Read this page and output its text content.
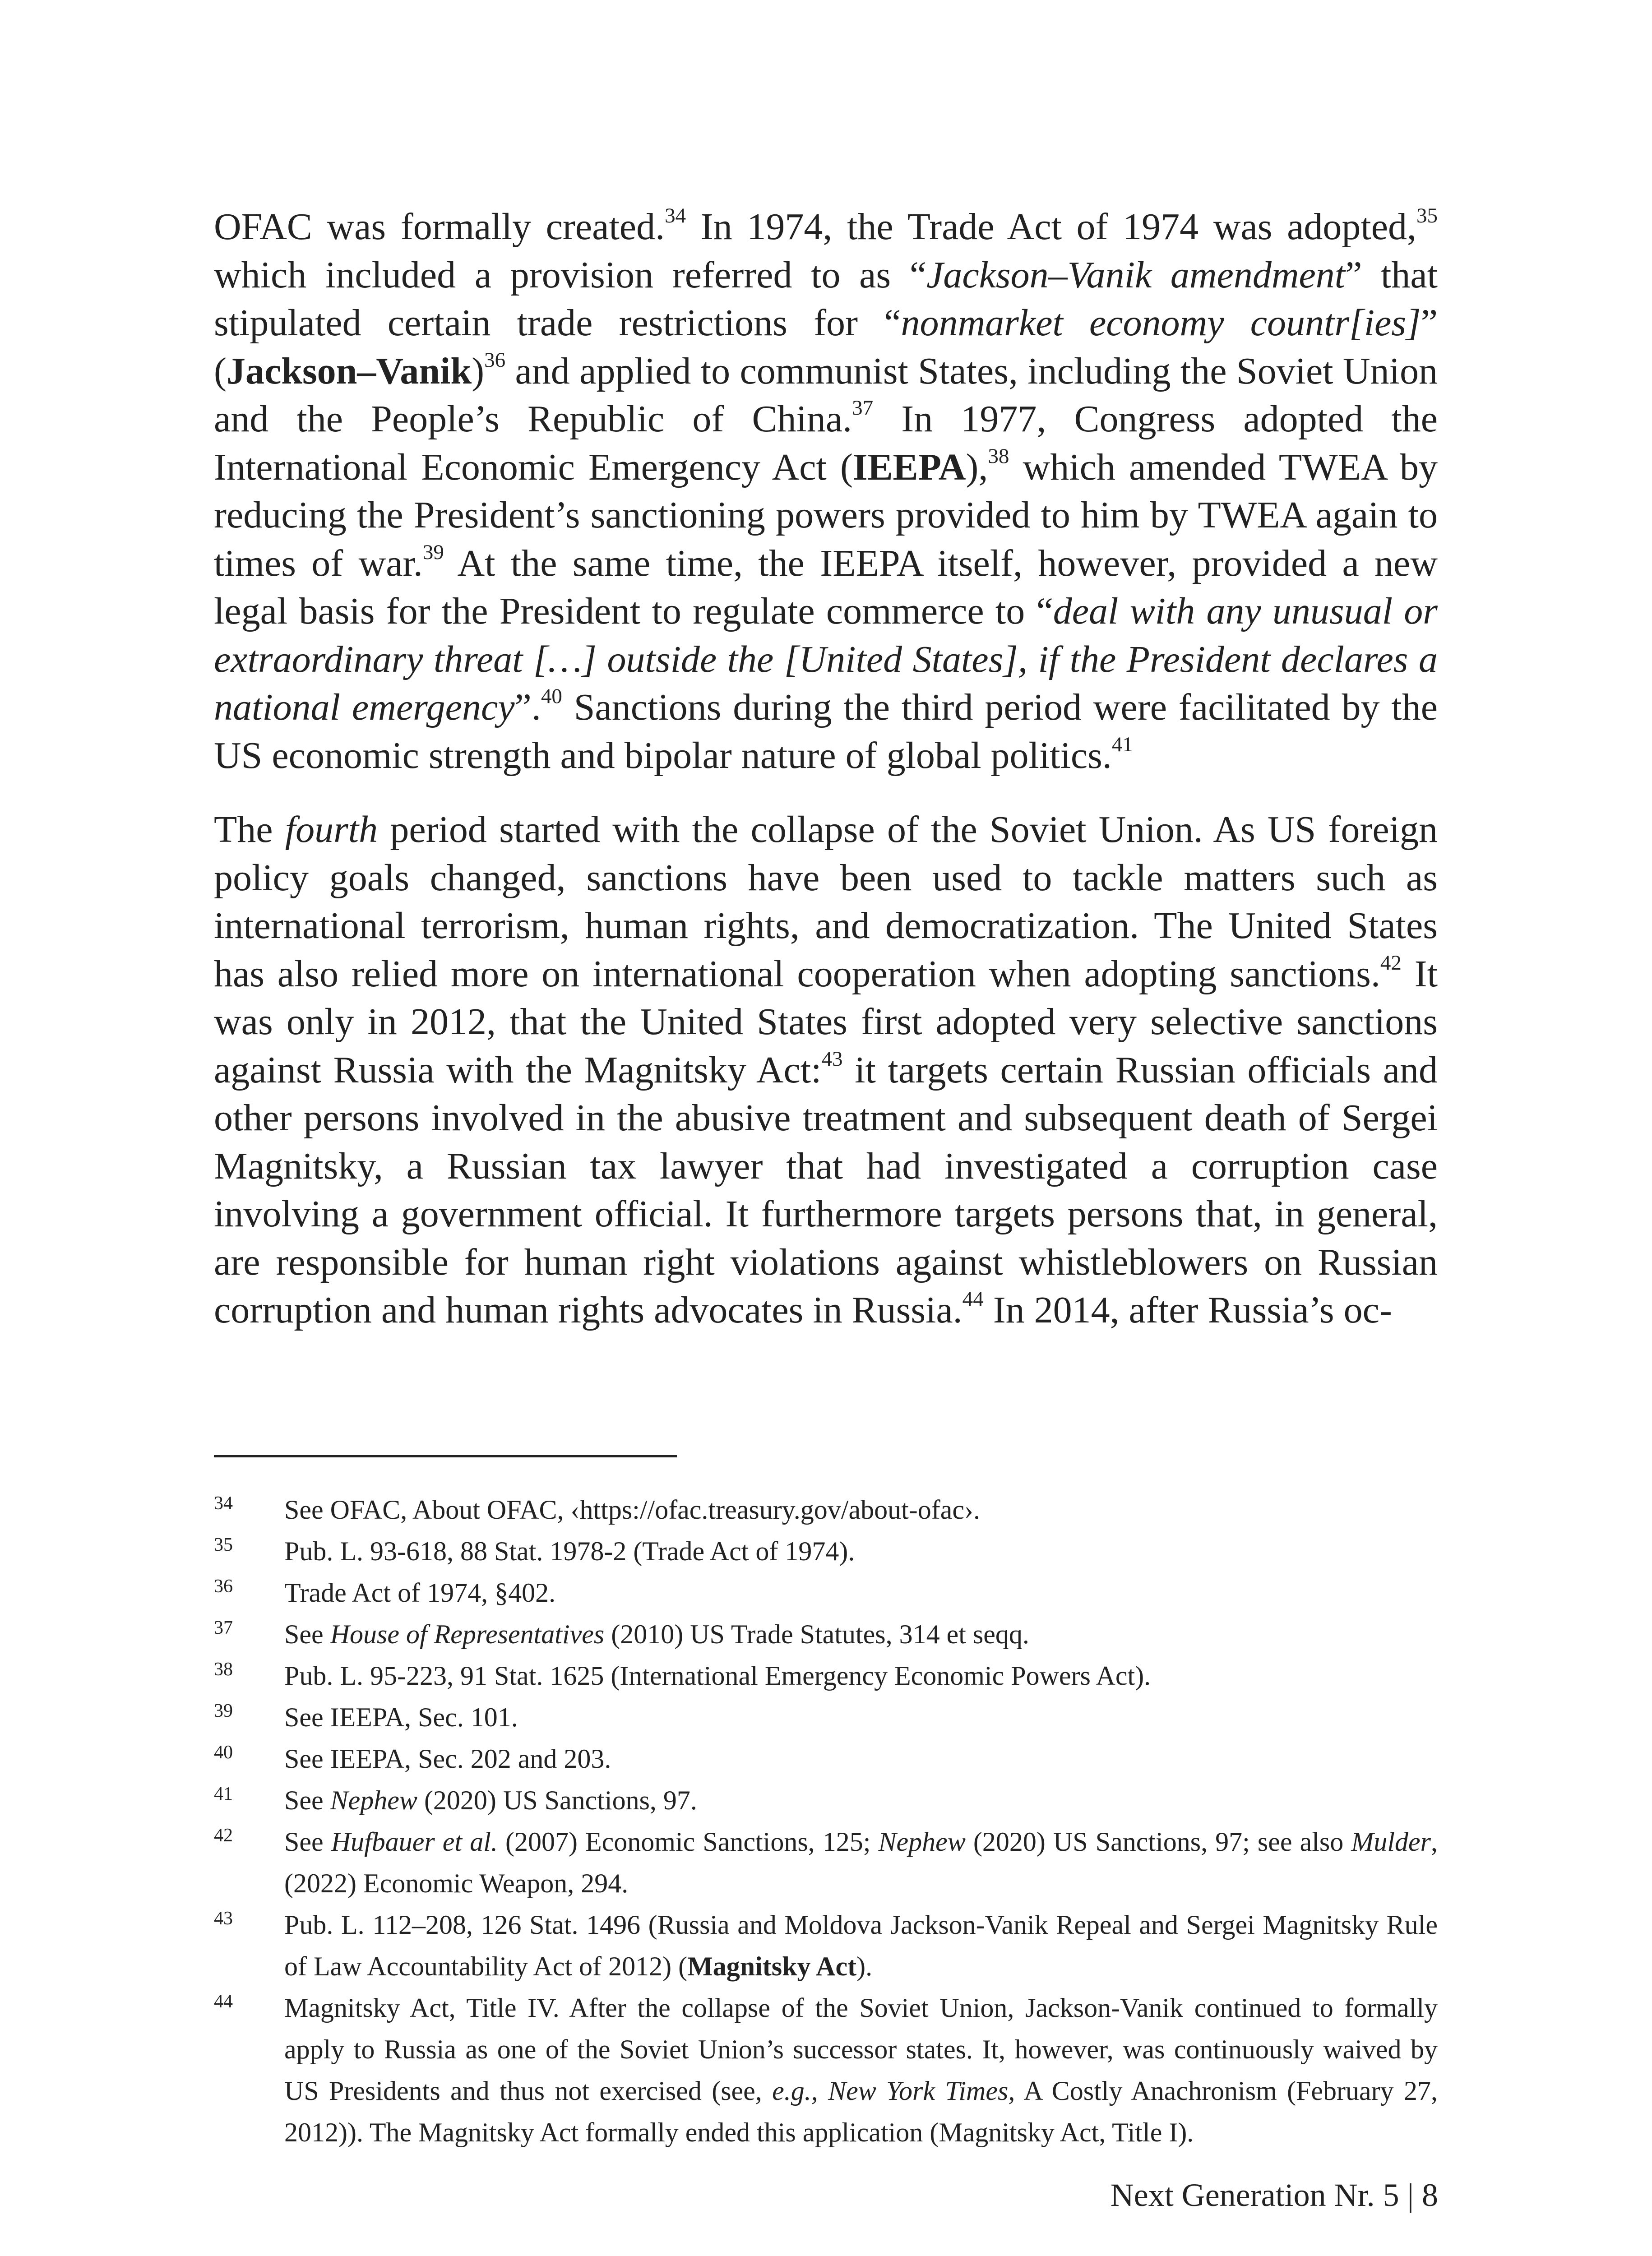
OFAC was formally created.$^{34}$ In 1974, the Trade Act of 1974 was adopted,$^{35}$ which included a provision referred to as “Jackson–Vanik amendment” that stipulated certain trade restrictions for “nonmarket economy countr[ies]” (Jackson–Vanik)$^{36}$ and applied to communist States, including the Soviet Union and the People’s Republic of China.$^{37}$ In 1977, Congress adopted the International Economic Emergency Act (IEEPA),$^{38}$ which amended TWEA by reducing the President’s sanctioning powers provided to him by TWEA again to times of war.$^{39}$ At the same time, the IEEPA itself, however, provided a new legal basis for the President to regulate commerce to “deal with any unusual or extraordinary threat […] outside the [United States], if the President declares a national emergency”.$^{40}$ Sanctions during the third period were facilitated by the US economic strength and bipolar nature of global politics.$^{41}$

The fourth period started with the collapse of the Soviet Union. As US foreign policy goals changed, sanctions have been used to tackle matters such as international terrorism, human rights, and democratization. The United States has also relied more on international cooperation when adopting sanctions.$^{42}$ It was only in 2012, that the United States first adopted very selective sanctions against Russia with the Magnitsky Act:$^{43}$ it targets certain Russian officials and other persons involved in the abusive treatment and subsequent death of Sergei Magnitsky, a Russian tax lawyer that had investigated a corruption case involving a government official. It furthermore targets persons that, in general, are responsible for human right violations against whistleblowers on Russian corruption and human rights advocates in Russia.$^{44}$ In 2014, after Russia’s oc-

34	See OFAC, About OFAC, ‹https://ofac.treasury.gov/about-ofac›.
35	Pub. L. 93-618, 88 Stat. 1978-2 (Trade Act of 1974).
36	Trade Act of 1974, §402.
37	See House of Representatives (2010) US Trade Statutes, 314 et seqq.
38	Pub. L. 95-223, 91 Stat. 1625 (International Emergency Economic Powers Act).
39	See IEEPA, Sec. 101.
40	See IEEPA, Sec. 202 and 203.
41	See Nephew (2020) US Sanctions, 97.
42	See Hufbauer et al. (2007) Economic Sanctions, 125; Nephew (2020) US Sanctions, 97; see also Mulder, (2022) Economic Weapon, 294.
43	Pub. L. 112–208, 126 Stat. 1496 (Russia and Moldova Jackson-Vanik Repeal and Sergei Magnitsky Rule of Law Accountability Act of 2012) (Magnitsky Act).
44	Magnitsky Act, Title IV. After the collapse of the Soviet Union, Jackson-Vanik continued to formally apply to Russia as one of the Soviet Union’s successor states. It, however, was continuously waived by US Presidents and thus not exercised (see, e.g., New York Times, A Costly Anachronism (February 27, 2012)). The Magnitsky Act formally ended this application (Magnitsky Act, Title I).
Next Generation Nr. 5 | 8
